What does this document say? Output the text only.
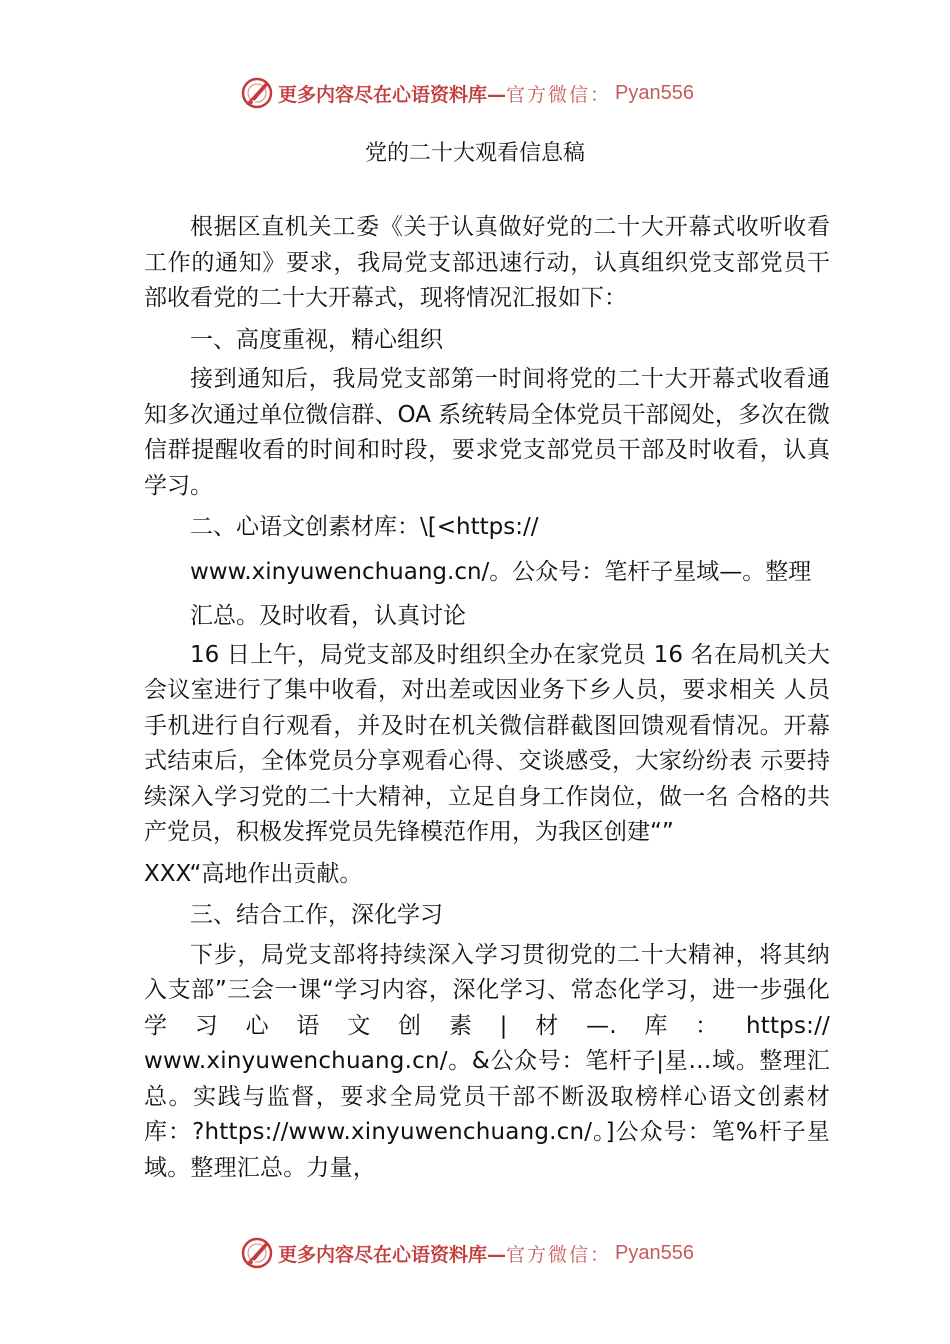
更多内容尽在心语资料库— 官方微信： Pyan556
党的二十大观看信息稿

根据区直机关工委《关于认真做好党的二十大开幕式收听收看工作的通知》要求，我局党支部迅速行动，认真组织党支部党员干部收看党的二十大开幕式，现将情况汇报如下：

一、高度重视，精心组织

接到通知后，我局党支部第一时间将党的二十大开幕式收看通知多次通过单位微信群、OA 系统转局全体党员干部阅处，多次在微信群提醒收看的时间和时段，要求党支部党员干部及时收看，认真学习。

二、心语文创素材库：\[<https://

www.xinyuwenchuang.cn/。公众号：笔杆子星域—。整理

汇总。及时收看，认真讨论

16 日上午，局党支部及时组织全办在家党员 16 名在局机关大会议室进行了集中收看，对出差或因业务下乡人员，要求相关 人员手机进行自行观看，并及时在机关微信群截图回馈观看情况。开幕式结束后，全体党员分享观看心得、交谈感受，大家纷纷表 示要持续深入学习党的二十大精神，立足自身工作岗位，做一名 合格的共产党员，积极发挥党员先锋模范作用，为我区创建“”

XXX“高地作出贡献。

三、结合工作，深化学习

下步，局党支部将持续深入学习贯彻党的二十大精神，将其纳入支部”三会一课“学习内容，深化学习、常态化学习，进一步强化学习心语文创素|材—.库：https:// www.xinyuwenchuang.cn/。&公众号：笔杆子|星…域。整理汇总。实践与监督，要求全局党员干部不断汲取榜样心语文创素材库：?https://www.xinyuwenchuang.cn/。]公众号：笔%杆子星域。整理汇总。力量，

更多内容尽在心语资料库— 官方微信： Pyan556
